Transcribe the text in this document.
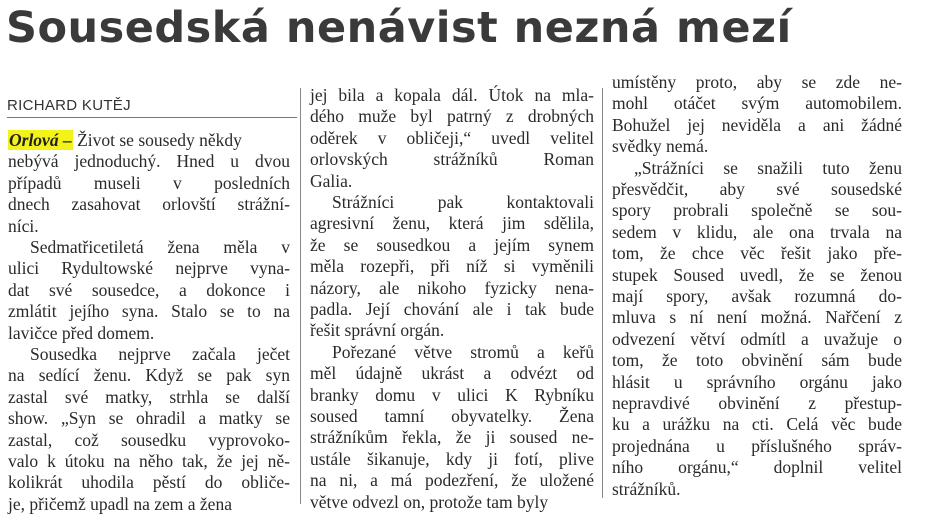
Sousedská nenávist nezná mezí
RICHARD KUTĚJ
Orlová – Život se sousedy někdy
nebývá jednoduchý. Hned u dvou
případů museli v posledních
dnech zasahovat orlovští strážní-
níci.
Sedmatřicetiletá žena měla v
ulici Rydultowské nejprve vyna-
dat své sousedce, a dokonce i
zmlátit jejího syna. Stalo se to na
lavičce před domem.
Sousedka nejprve začala ječet
na sedící ženu. Když se pak syn
zastal své matky, strhla se další
show. „Syn se ohradil a matky se
zastal, což sousedku vyprovoko-
valo k útoku na něho tak, že jej ně-
kolikrát uhodila pěstí do obliče-
je, přičemž upadl na zem a žena
jej bila a kopala dál. Útok na mla-
dého muže byl patrný z drobných
oděrek v obličeji,“ uvedl velitel
orlovských strážníků Roman
Galia.
Strážníci pak kontaktovali
agresivní ženu, která jim sdělila,
že se sousedkou a jejím synem
měla rozepři, při níž si vyměnili
názory, ale nikoho fyzicky nena-
padla. Její chování ale i tak bude
řešit správní orgán.
Pořezané větve stromů a keřů
měl údajně ukrást a odvézt od
branky domu v ulici K Rybníku
soused tamní obyvatelky. Žena
strážníkům řekla, že ji soused ne-
ustále šikanuje, kdy ji fotí, plive
na ni, a má podezření, že uložené
větve odvezl on, protože tam byly
umístěny proto, aby se zde ne-
mohl otáčet svým automobilem.
Bohužel jej neviděla a ani žádné
svědky nemá.
„Strážníci se snažili tuto ženu
přesvědčit, aby své sousedské
spory probrali společně se sou-
sedem v klidu, ale ona trvala na
tom, že chce věc řešit jako pře-
stupek Soused uvedl, že se ženou
mají spory, avšak rozumná do-
mluva s ní není možná. Nařčení z
odvezení větví odmítl a uvažuje o
tom, že toto obvinění sám bude
hlásit u správního orgánu jako
nepravdivé obvinění z přestup-
ku a urážku na cti. Celá věc bude
projednána u příslušného správ-
ního orgánu,“ doplnil velitel
strážníků.
